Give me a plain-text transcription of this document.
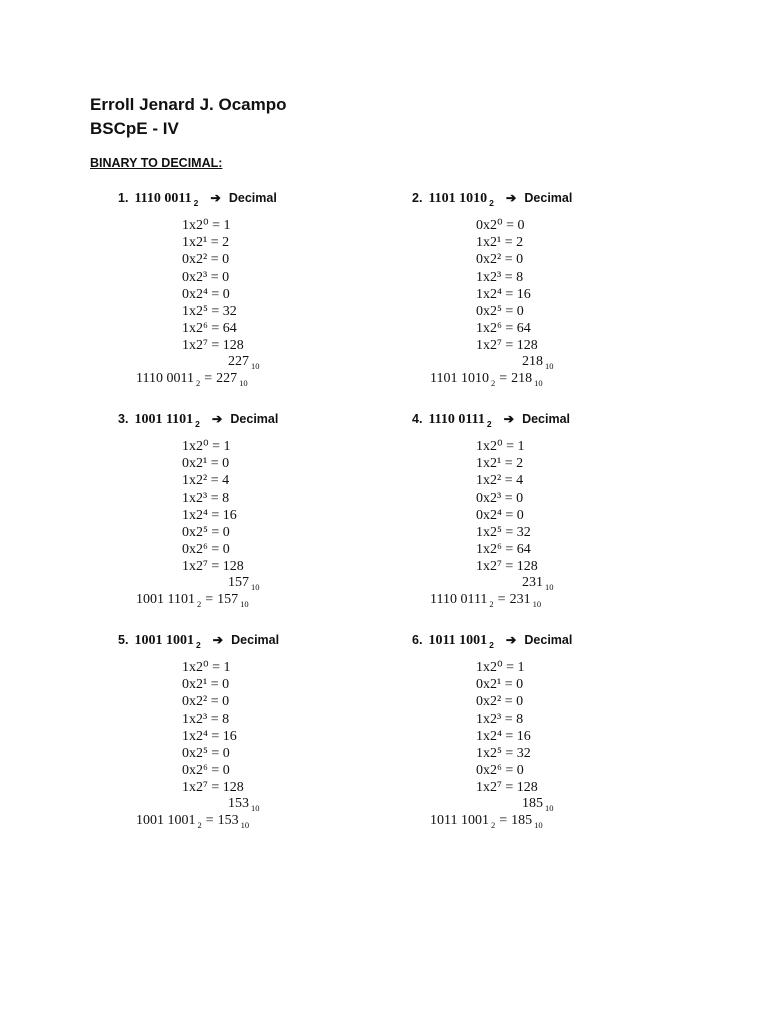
Erroll Jenard J. Ocampo
BSCpE - IV
BINARY TO DECIMAL:
1. 1110 0011 $_2$ ➔ Decimal
1x2⁰ = 1
1x2¹ = 2
0x2² = 0
0x2³ = 0
0x2⁴ = 0
1x2⁵ = 32
1x2⁶ = 64
1x2⁷ = 128
227 $_{10}$
1110 0011 $_2$ = 227 $_{10}$
2. 1101 1010 $_2$ ➔ Decimal
0x2⁰ = 0
1x2¹ = 2
0x2² = 0
1x2³ = 8
1x2⁴ = 16
0x2⁵ = 0
1x2⁶ = 64
1x2⁷ = 128
218 $_{10}$
1101 1010 $_2$ = 218 $_{10}$
3. 1001 1101 $_2$ ➔ Decimal
1x2⁰ = 1
0x2¹ = 0
1x2² = 4
1x2³ = 8
1x2⁴ = 16
0x2⁵ = 0
0x2⁶ = 0
1x2⁷ = 128
157 $_{10}$
1001 1101 $_2$ = 157 $_{10}$
4. 1110 0111 $_2$ ➔ Decimal
1x2⁰ = 1
1x2¹ = 2
1x2² = 4
0x2³ = 0
0x2⁴ = 0
1x2⁵ = 32
1x2⁶ = 64
1x2⁷ = 128
231 $_{10}$
1110 0111 $_2$ = 231 $_{10}$
5. 1001 1001 $_2$ ➔ Decimal
1x2⁰ = 1
0x2¹ = 0
0x2² = 0
1x2³ = 8
1x2⁴ = 16
0x2⁵ = 0
0x2⁶ = 0
1x2⁷ = 128
153 $_{10}$
1001 1001 $_2$ = 153 $_{10}$
6. 1011 1001 $_2$ ➔ Decimal
1x2⁰ = 1
0x2¹ = 0
0x2² = 0
1x2³ = 8
1x2⁴ = 16
1x2⁵ = 32
0x2⁶ = 0
1x2⁷ = 128
185 $_{10}$
1011 1001 $_2$ = 185 $_{10}$
